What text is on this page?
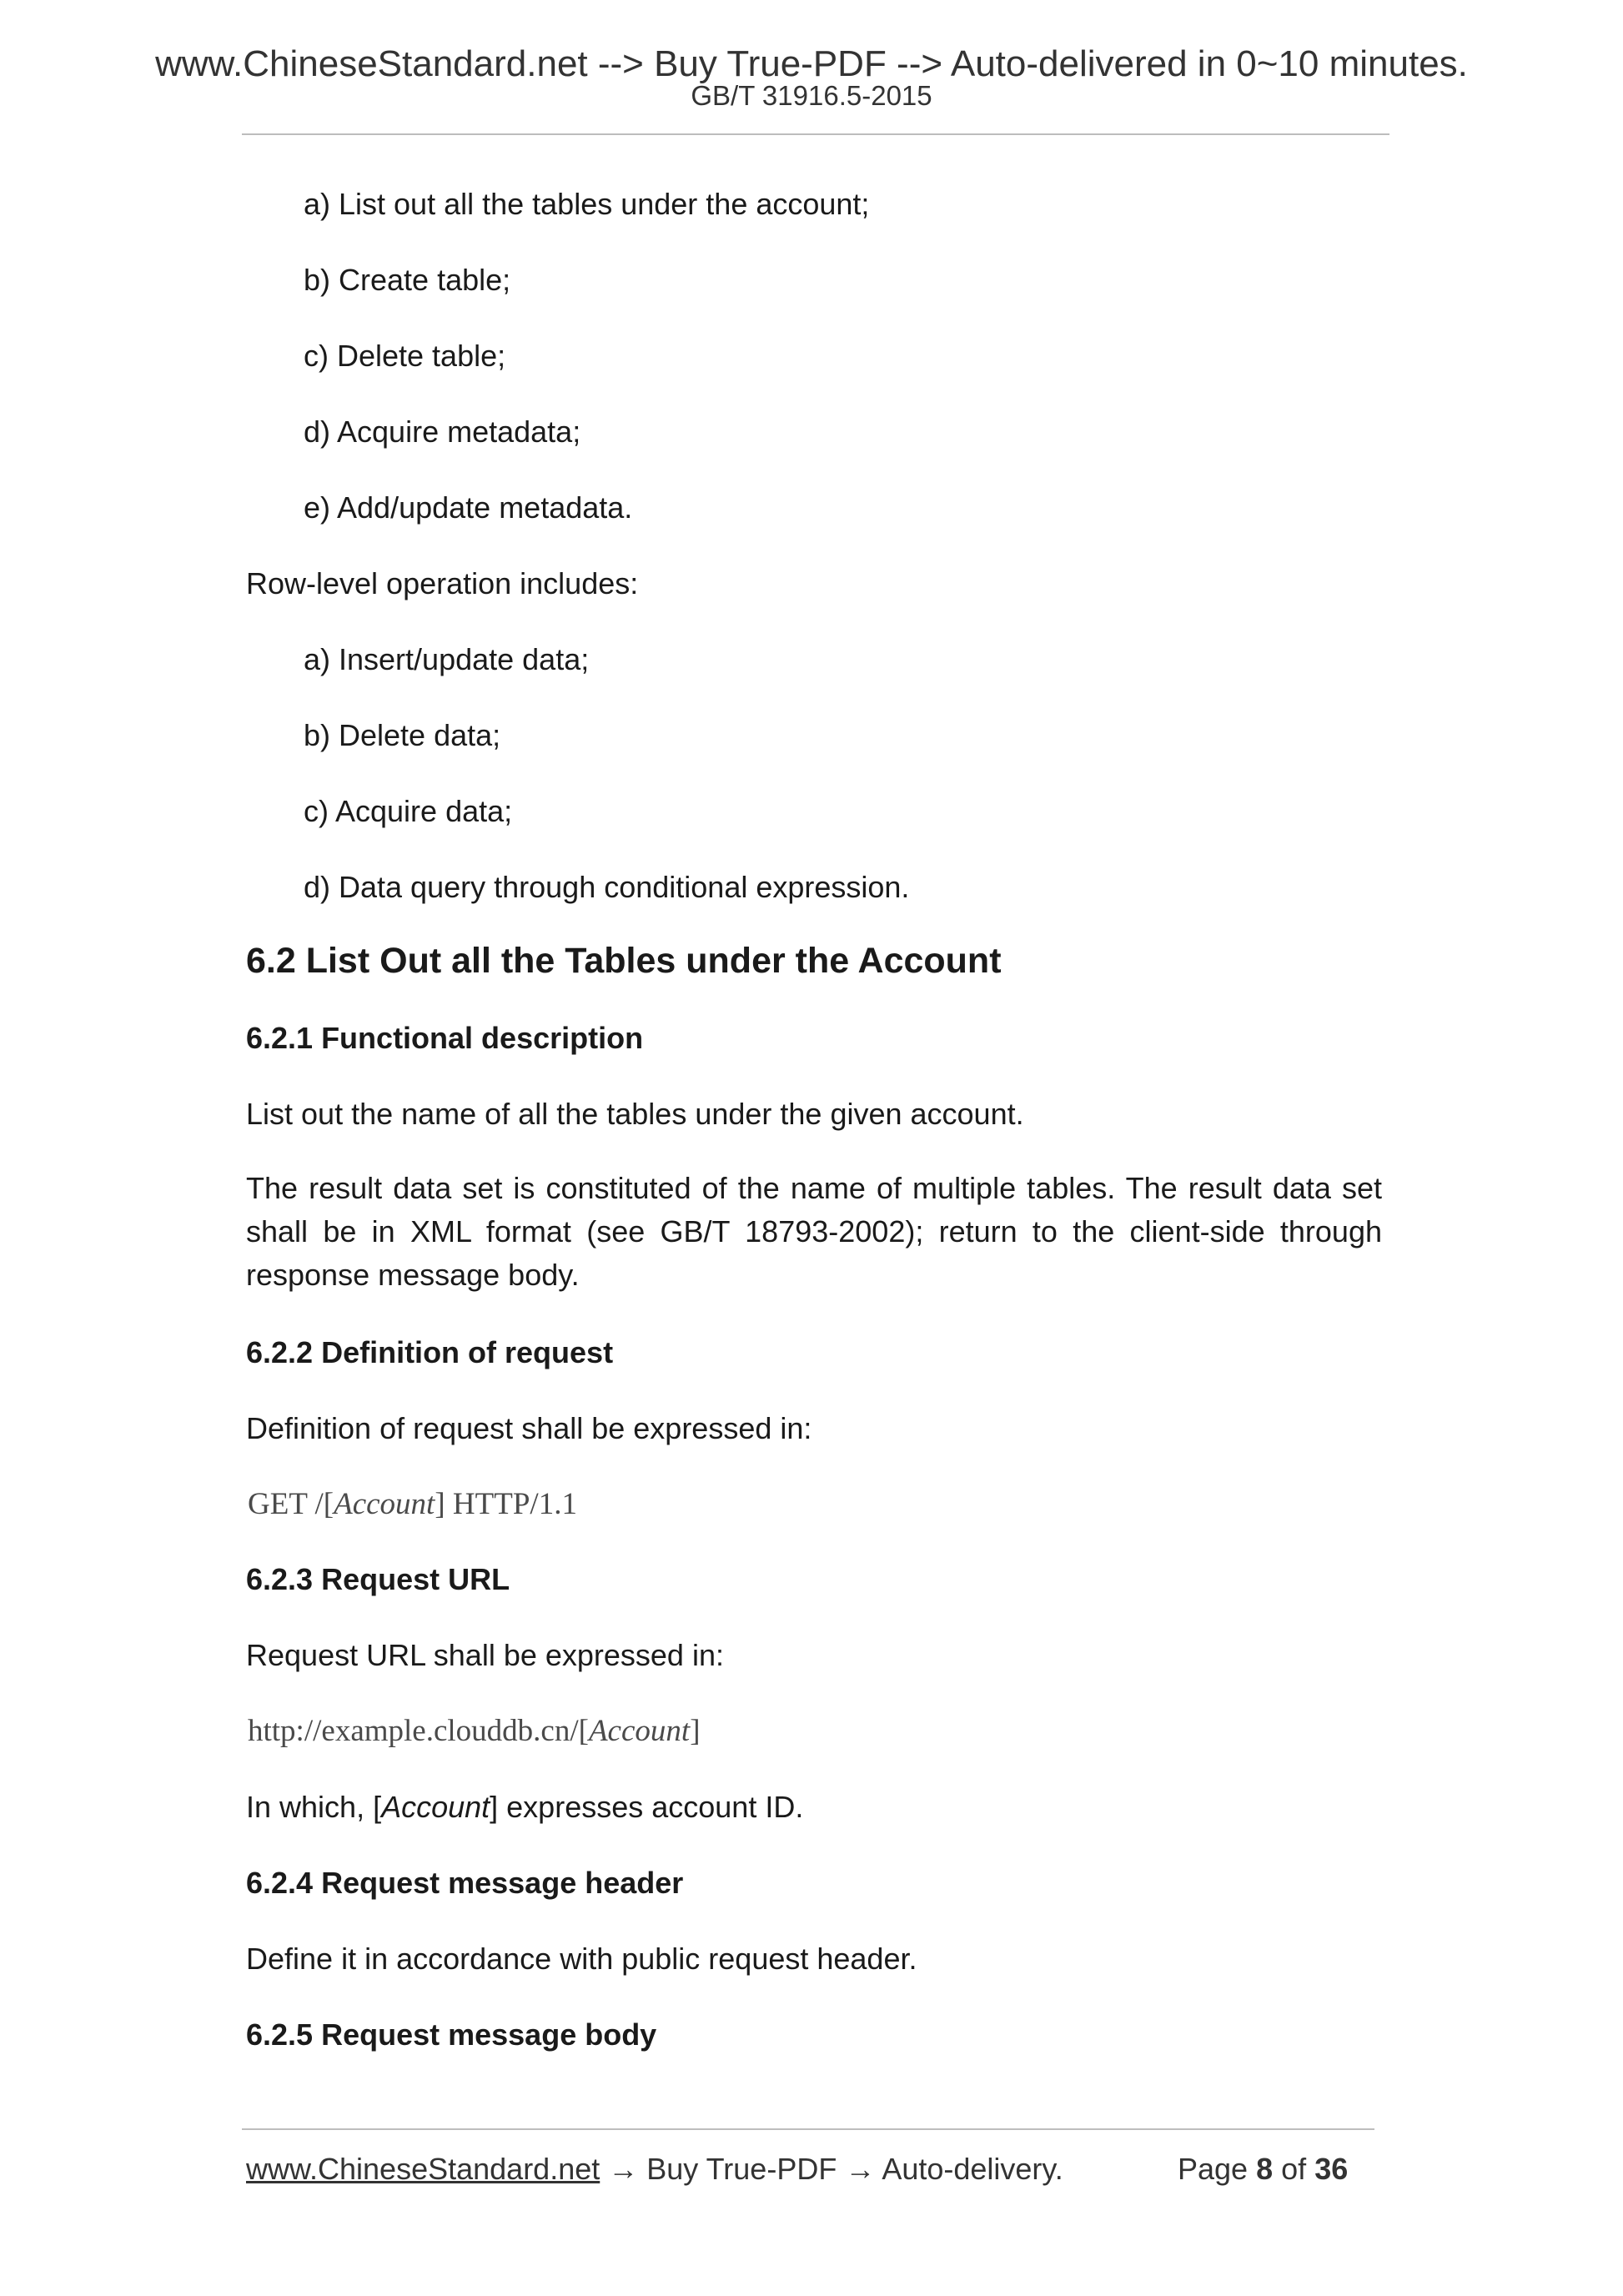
www.ChineseStandard.net --> Buy True-PDF --> Auto-delivered in 0~10 minutes.
GB/T 31916.5-2015
a) List out all the tables under the account;
b) Create table;
c) Delete table;
d) Acquire metadata;
e) Add/update metadata.
Row-level operation includes:
a) Insert/update data;
b) Delete data;
c) Acquire data;
d) Data query through conditional expression.
6.2 List Out all the Tables under the Account
6.2.1 Functional description
List out the name of all the tables under the given account.
The result data set is constituted of the name of multiple tables. The result data set shall be in XML format (see GB/T 18793-2002); return to the client-side through response message body.
6.2.2 Definition of request
Definition of request shall be expressed in:
GET /[Account] HTTP/1.1
6.2.3 Request URL
Request URL shall be expressed in:
http://example.clouddb.cn/[Account]
In which, [Account] expresses account ID.
6.2.4 Request message header
Define it in accordance with public request header.
6.2.5 Request message body
www.ChineseStandard.net → Buy True-PDF → Auto-delivery.	Page 8 of 36
